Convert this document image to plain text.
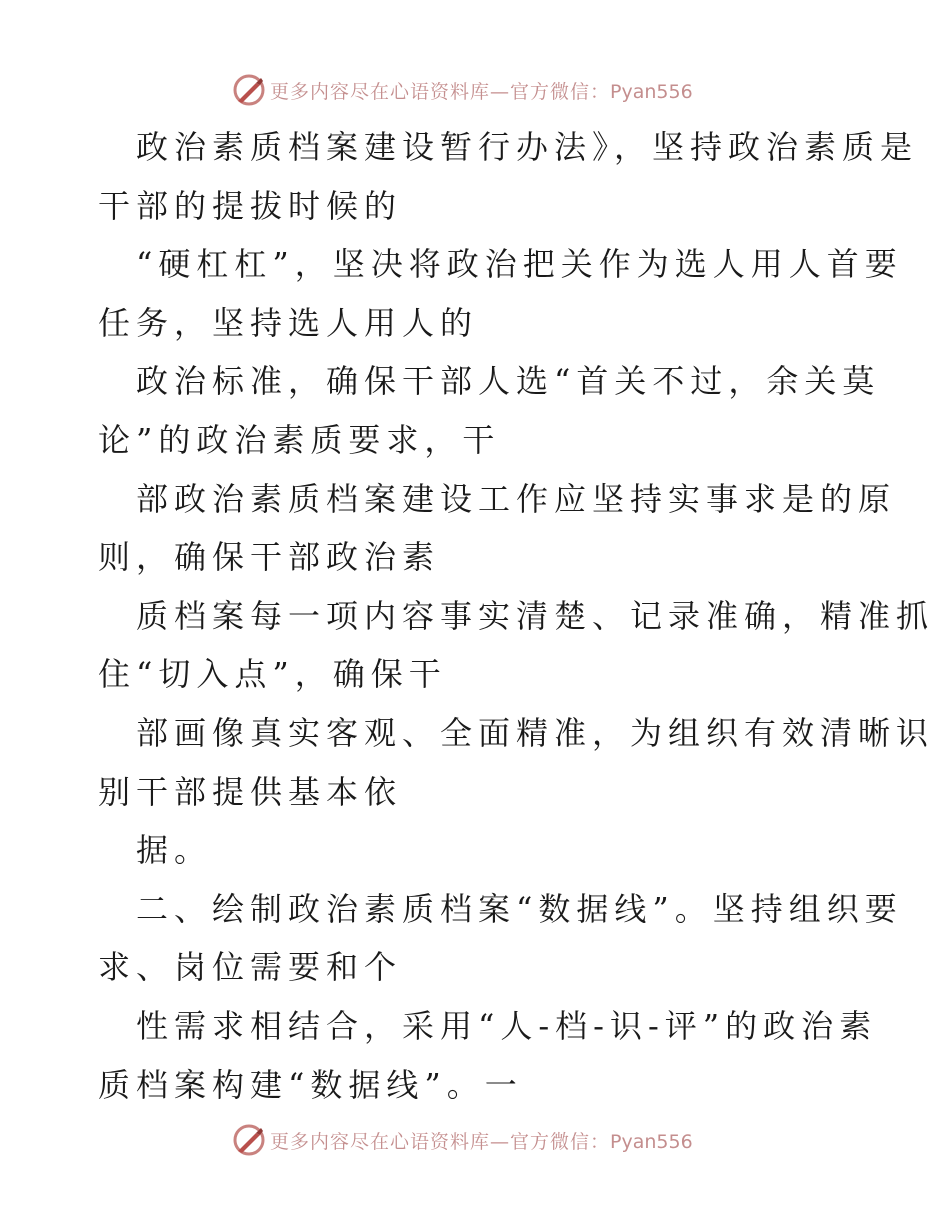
更多内容尽在心语资料库—官方微信：Pyan556
政治素质档案建设暂行办法》，坚持政治素质是
干部的提拔时候的
“硬杠杠”，坚决将政治把关作为选人用人首要
任务，坚持选人用人的
政治标准，确保干部人选“首关不过，余关莫
论”的政治素质要求，干
部政治素质档案建设工作应坚持实事求是的原
则，确保干部政治素
质档案每一项内容事实清楚、记录准确，精准抓
住“切入点”，确保干
部画像真实客观、全面精准，为组织有效清晰识
别干部提供基本依
据。
二、绘制政治素质档案“数据线”。坚持组织要
求、岗位需要和个
性需求相结合，采用“人-档-识-评”的政治素
质档案构建“数据线”。一
更多内容尽在心语资料库—官方微信：Pyan556
